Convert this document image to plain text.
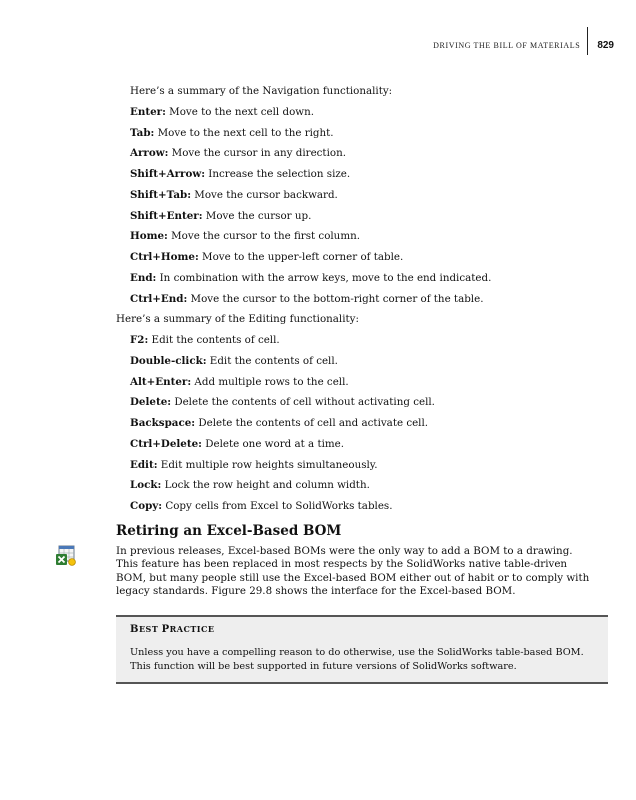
DRIVING THE BILL OF MATERIALS 829
Here’s a summary of the Navigation functionality:
Enter: Move to the next cell down.
Tab: Move to the next cell to the right.
Arrow: Move the cursor in any direction.
Shift+Arrow: Increase the selection size.
Shift+Tab: Move the cursor backward.
Shift+Enter: Move the cursor up.
Home: Move the cursor to the first column.
Ctrl+Home: Move to the upper-left corner of table.
End: In combination with the arrow keys, move to the end indicated.
Ctrl+End: Move the cursor to the bottom-right corner of the table.
Here’s a summary of the Editing functionality:
F2: Edit the contents of cell.
Double-click: Edit the contents of cell.
Alt+Enter: Add multiple rows to the cell.
Delete: Delete the contents of cell without activating cell.
Backspace: Delete the contents of cell and activate cell.
Ctrl+Delete: Delete one word at a time.
Edit: Edit multiple row heights simultaneously.
Lock: Lock the row height and column width.
Copy: Copy cells from Excel to SolidWorks tables.
Retiring an Excel-Based BOM
In previous releases, Excel-based BOMs were the only way to add a BOM to a drawing. This feature has been replaced in most respects by the SolidWorks native table-driven BOM, but many people still use the Excel-based BOM either out of habit or to comply with legacy standards. Figure 29.8 shows the interface for the Excel-based BOM.
BEST PRACTICE
Unless you have a compelling reason to do otherwise, use the SolidWorks table-based BOM. This function will be best supported in future versions of SolidWorks software.
